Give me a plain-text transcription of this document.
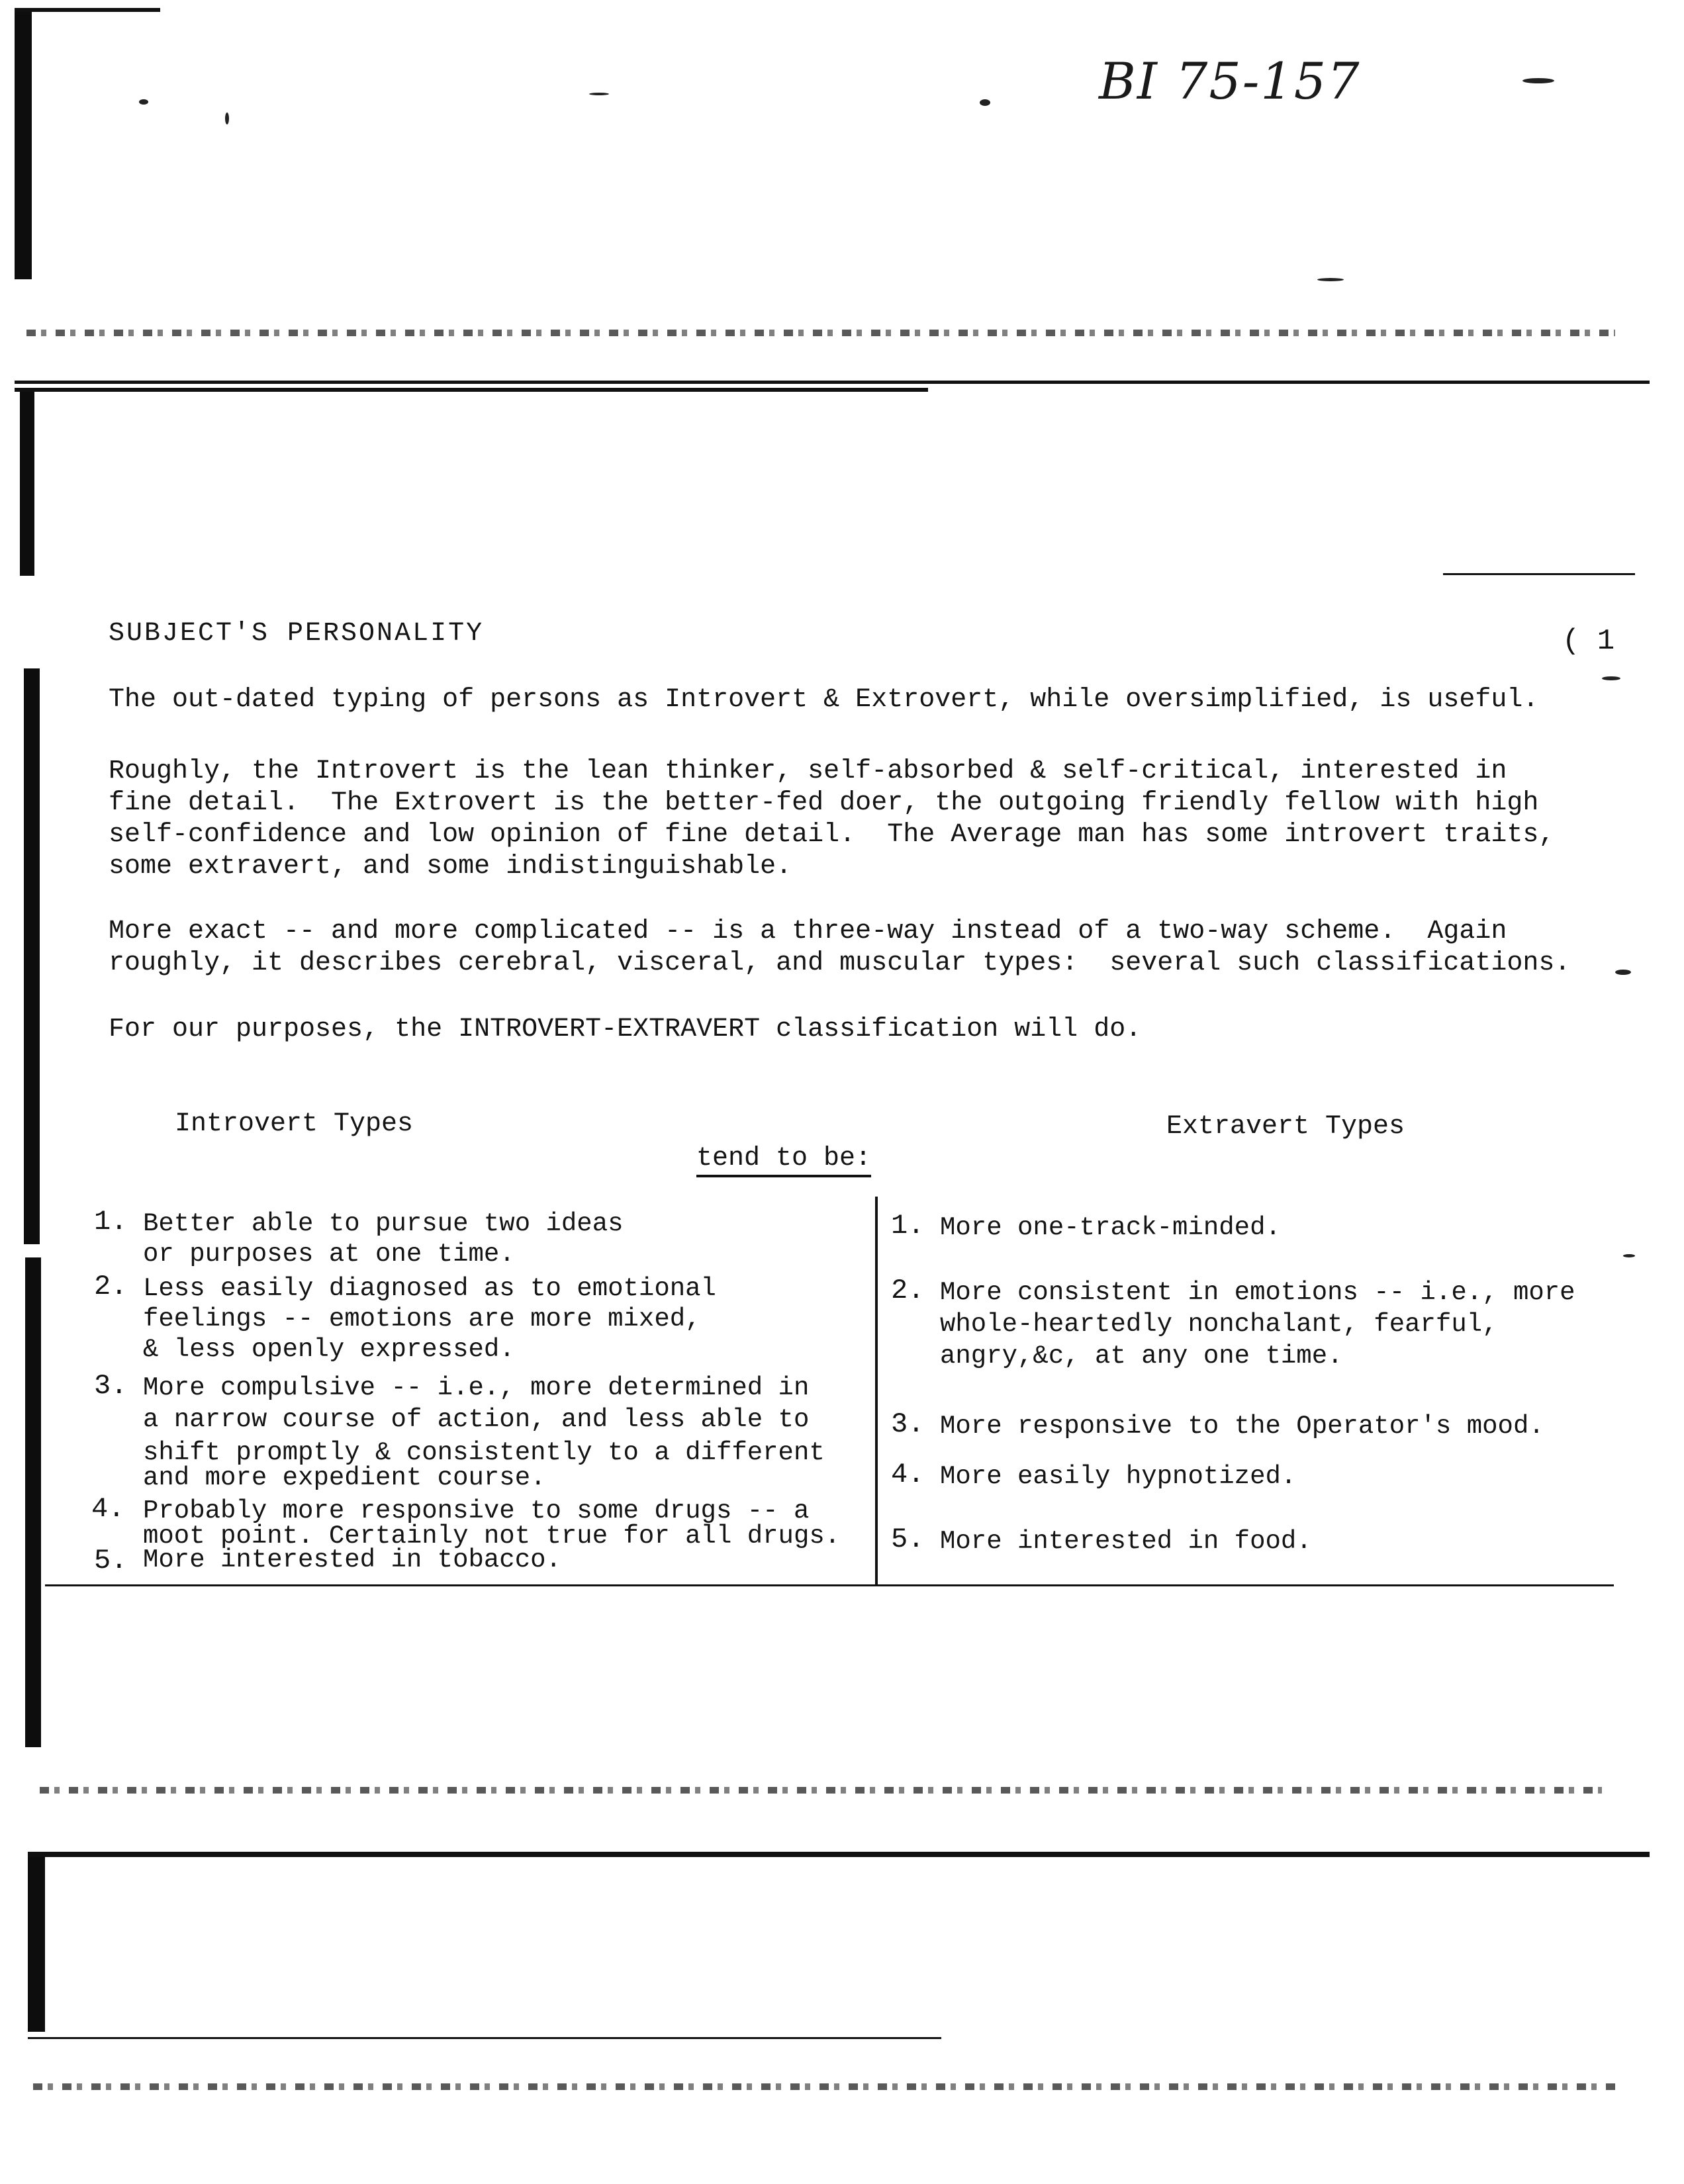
BI 75-157
SUBJECT'S PERSONALITY	( 1
The out-dated typing of persons as Introvert & Extrovert, while oversimplified, is useful.
Roughly, the Introvert is the lean thinker, self-absorbed & self-critical, interested in
fine detail.  The Extrovert is the better-fed doer, the outgoing friendly fellow with high
self-confidence and low opinion of fine detail.  The Average man has some introvert traits,
some extravert, and some indistinguishable.
More exact -- and more complicated -- is a three-way instead of a two-way scheme.  Again
roughly, it describes cerebral, visceral, and muscular types:  several such classifications.
For our purposes, the INTROVERT-EXTRAVERT classification will do.
Introvert Types
tend to be:
Extravert Types
1. Better able to pursue two ideas
or purposes at one time.
2. Less easily diagnosed as to emotional
feelings -- emotions are more mixed,
& less openly expressed.
3. More compulsive -- i.e., more determined in
a narrow course of action, and less able to
shift promptly & consistently to a different
and more expedient course.
4. Probably more responsive to some drugs -- a
moot point. Certainly not true for all drugs.
5. More interested in tobacco.
1. More one-track-minded.
2. More consistent in emotions -- i.e., more
whole-heartedly nonchalant, fearful,
angry,&c, at any one time.
3. More responsive to the Operator's mood.
4. More easily hypnotized.
5. More interested in food.
